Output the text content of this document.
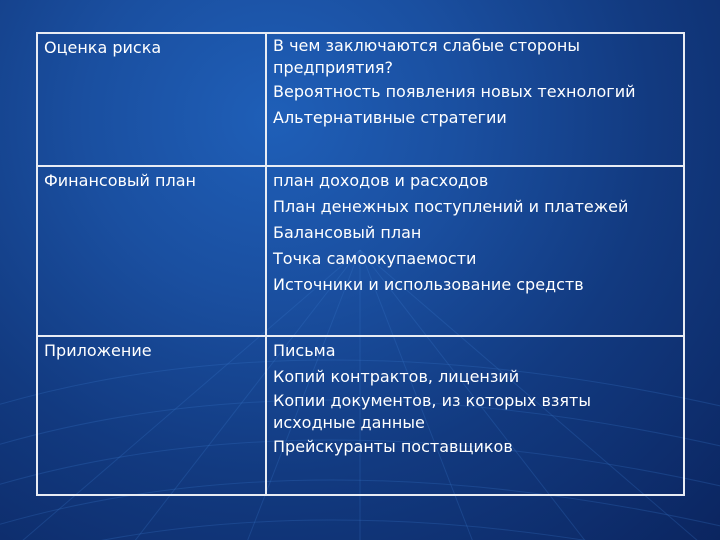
Оценка риска	В чем заключаются слабые стороны предприятия?
Вероятность появления новых технологий
Альтернативные стратегии

Финансовый план	план доходов и расходов
План денежных поступлений и платежей
Балансовый план
Точка самоокупаемости
Источники и использование средств

Приложение	Письма
Копий контрактов, лицензий
Копии документов, из которых взяты исходные данные
Прейскуранты поставщиков
